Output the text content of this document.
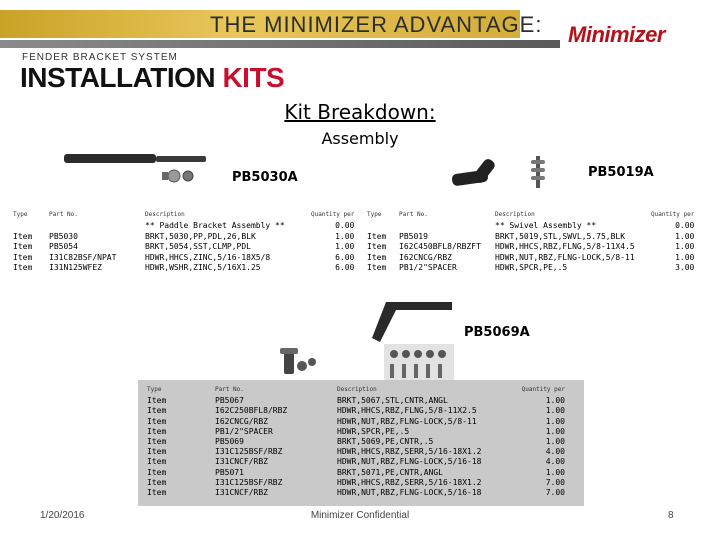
THE MINIMIZER ADVANTAGE: Minimizer
FENDER BRACKET SYSTEM
INSTALLATION KITS
Kit Breakdown:
Assembly
PB5030A
Type	Part No.	Description	Quantity per
		** Paddle Bracket Assembly **	0.00
Item	PB5030	BRKT,5030,PP,PDL,26,BLK	1.00
Item	PB5054	BRKT,5054,SST,CLMP,PDL	1.00
Item	I31C82BSF/NPAT	HDWR,HHCS,ZINC,5/16-18X5/8	6.00
Item	I31N125WFEZ	HDWR,WSHR,ZINC,5/16X1.25	6.00
PB5019A
Type	Part No.	Description	Quantity per
		** Swivel Assembly **	0.00
Item	PB5019	BRKT,5019,STL,SWVL,5.75,BLK	1.00
Item	I62C450BFL8/RBZFT	HDWR,HHCS,RBZ,FLNG,5/8-11X4.5	1.00
Item	I62CNCG/RBZ	HDWR,NUT,RBZ,FLNG-LOCK,5/8-11	1.00
Item	PB1/2"SPACER	HDWR,SPCR,PE,.5	3.00
PB5069A
Type	Part No.	Description	Quantity per
Item	PB5067	BRKT,5067,STL,CNTR,ANGL	1.00
Item	I62C250BFL8/RBZ	HDWR,HHCS,RBZ,FLNG,5/8-11X2.5	1.00
Item	I62CNCG/RBZ	HDWR,NUT,RBZ,FLNG-LOCK,5/8-11	1.00
Item	PB1/2"SPACER	HDWR,SPCR,PE,.5	1.00
Item	PB5069	BRKT,5069,PE,CNTR,.5	1.00
Item	I31C125BSF/RBZ	HDWR,HHCS,RBZ,SERR,5/16-18X1.2	4.00
Item	I31CNCF/RBZ	HDWR,NUT,RBZ,FLNG-LOCK,5/16-18	4.00
Item	PB5071	BRKT,5071,PE,CNTR,ANGL	1.00
Item	I31C125BSF/RBZ	HDWR,HHCS,RBZ,SERR,5/16-18X1.2	7.00
Item	I31CNCF/RBZ	HDWR,NUT,RBZ,FLNG-LOCK,5/16-18	7.00
1/20/2016	Minimizer Confidential	8
